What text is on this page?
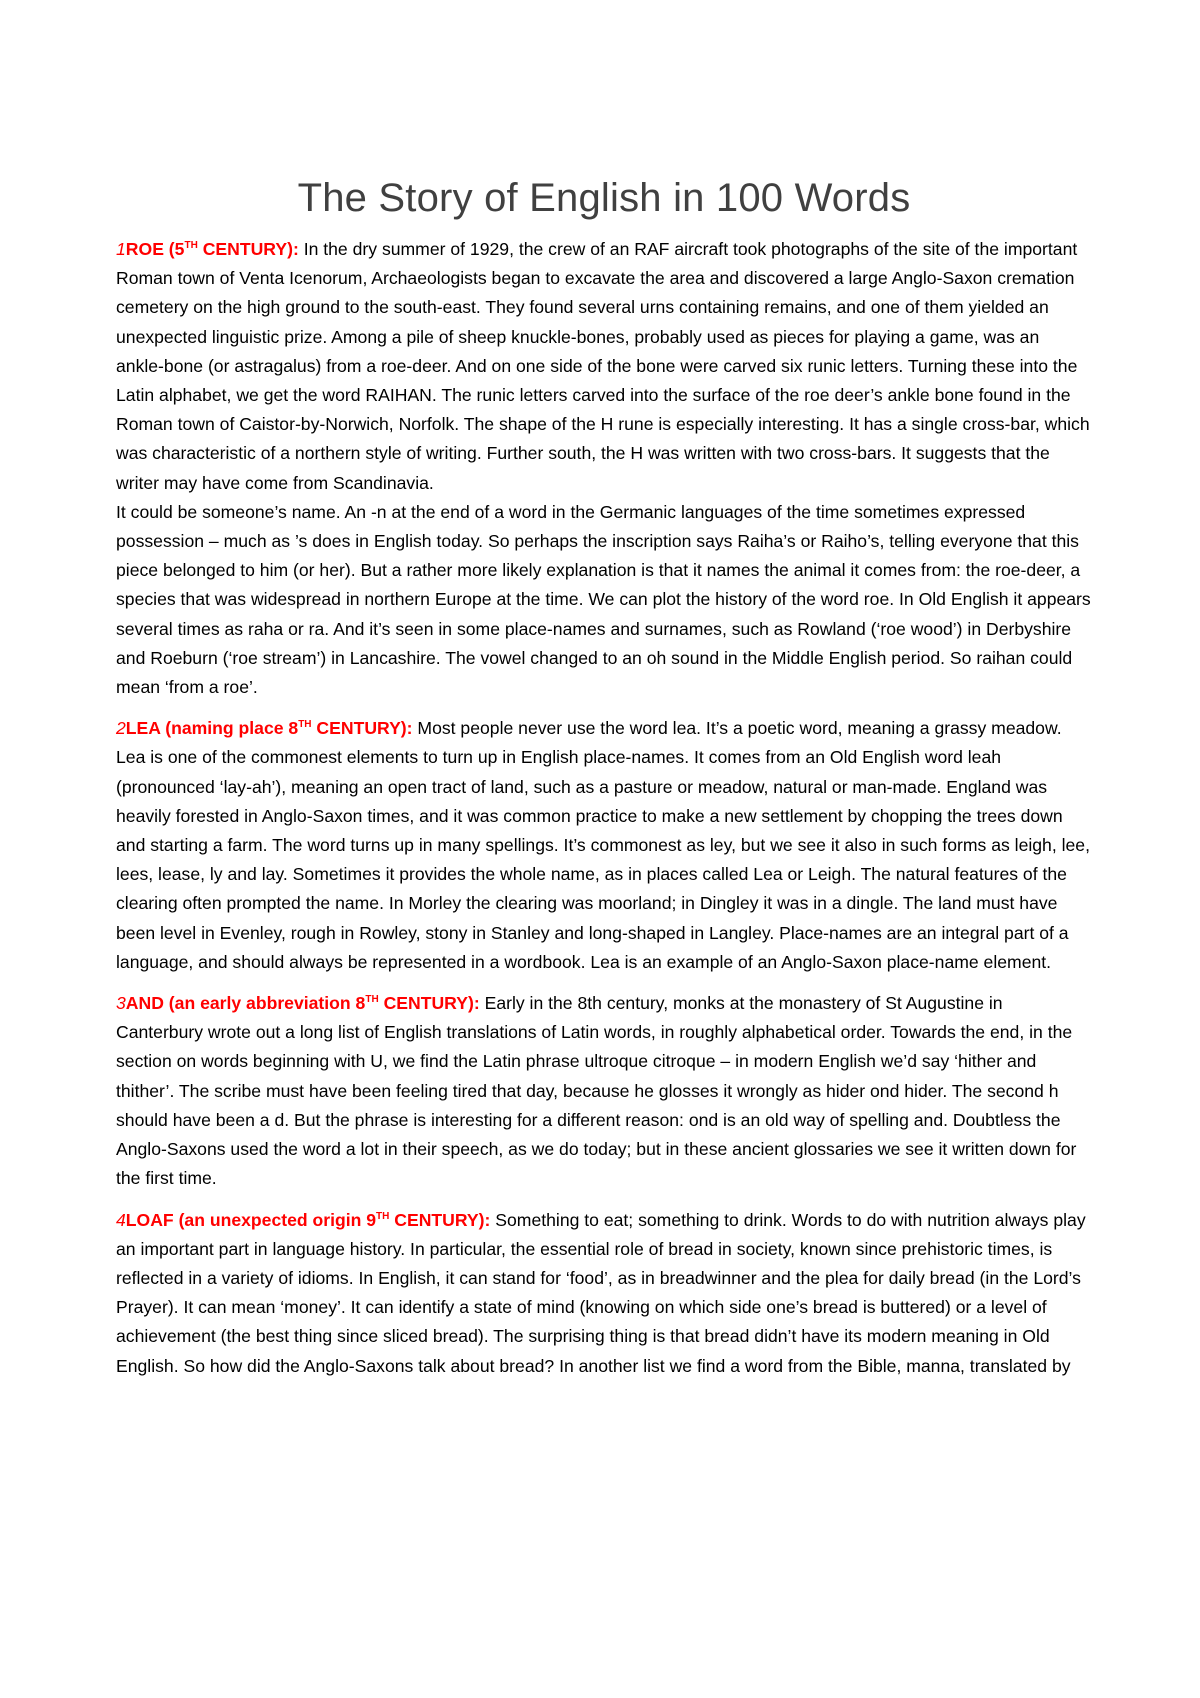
The Story of English in 100 Words

1ROE (5TH CENTURY): In the dry summer of 1929, the crew of an RAF aircraft took photographs of the site of the important Roman town of Venta Icenorum, Archaeologists began to excavate the area and discovered a large Anglo-Saxon cremation cemetery on the high ground to the south-east. They found several urns containing remains, and one of them yielded an unexpected linguistic prize. Among a pile of sheep knuckle-bones, probably used as pieces for playing a game, was an ankle-bone (or astragalus) from a roe-deer. And on one side of the bone were carved six runic letters. Turning these into the Latin alphabet, we get the word RAIHAN. The runic letters carved into the surface of the roe deer’s ankle bone found in the Roman town of Caistor-by-Norwich, Norfolk. The shape of the H rune is especially interesting. It has a single cross-bar, which was characteristic of a northern style of writing. Further south, the H was written with two cross-bars. It suggests that the writer may have come from Scandinavia.

It could be someone’s name. An -n at the end of a word in the Germanic languages of the time sometimes expressed possession – much as ’s does in English today. So perhaps the inscription says Raiha’s or Raiho’s, telling everyone that this piece belonged to him (or her). But a rather more likely explanation is that it names the animal it comes from: the roe-deer, a species that was widespread in northern Europe at the time. We can plot the history of the word roe. In Old English it appears several times as raha or ra. And it’s seen in some place-names and surnames, such as Rowland (‘roe wood’) in Derbyshire and Roeburn (‘roe stream’) in Lancashire. The vowel changed to an oh sound in the Middle English period. So raihan could mean ‘from a roe’.

2LEA (naming place 8TH CENTURY): Most people never use the word lea. It’s a poetic word, meaning a grassy meadow. Lea is one of the commonest elements to turn up in English place-names. It comes from an Old English word leah (pronounced ‘lay-ah’), meaning an open tract of land, such as a pasture or meadow, natural or man-made. England was heavily forested in Anglo-Saxon times, and it was common practice to make a new settlement by chopping the trees down and starting a farm. The word turns up in many spellings. It’s commonest as ley, but we see it also in such forms as leigh, lee, lees, lease, ly and lay. Sometimes it provides the whole name, as in places called Lea or Leigh. The natural features of the clearing often prompted the name. In Morley the clearing was moorland; in Dingley it was in a dingle. The land must have been level in Evenley, rough in Rowley, stony in Stanley and long-shaped in Langley. Place-names are an integral part of a language, and should always be represented in a wordbook. Lea is an example of an Anglo-Saxon place-name element.

3AND (an early abbreviation 8TH CENTURY): Early in the 8th century, monks at the monastery of St Augustine in Canterbury wrote out a long list of English translations of Latin words, in roughly alphabetical order. Towards the end, in the section on words beginning with U, we find the Latin phrase ultroque citroque – in modern English we’d say ‘hither and thither’. The scribe must have been feeling tired that day, because he glosses it wrongly as hider ond hider. The second h should have been a d. But the phrase is interesting for a different reason: ond is an old way of spelling and. Doubtless the Anglo-Saxons used the word a lot in their speech, as we do today; but in these ancient glossaries we see it written down for the first time.

4LOAF (an unexpected origin 9TH CENTURY): Something to eat; something to drink. Words to do with nutrition always play an important part in language history. In particular, the essential role of bread in society, known since prehistoric times, is reflected in a variety of idioms. In English, it can stand for ‘food’, as in breadwinner and the plea for daily bread (in the Lord’s Prayer). It can mean ‘money’. It can identify a state of mind (knowing on which side one’s bread is buttered) or a level of achievement (the best thing since sliced bread). The surprising thing is that bread didn’t have its modern meaning in Old English. So how did the Anglo-Saxons talk about bread? In another list we find a word from the Bible, manna, translated by
